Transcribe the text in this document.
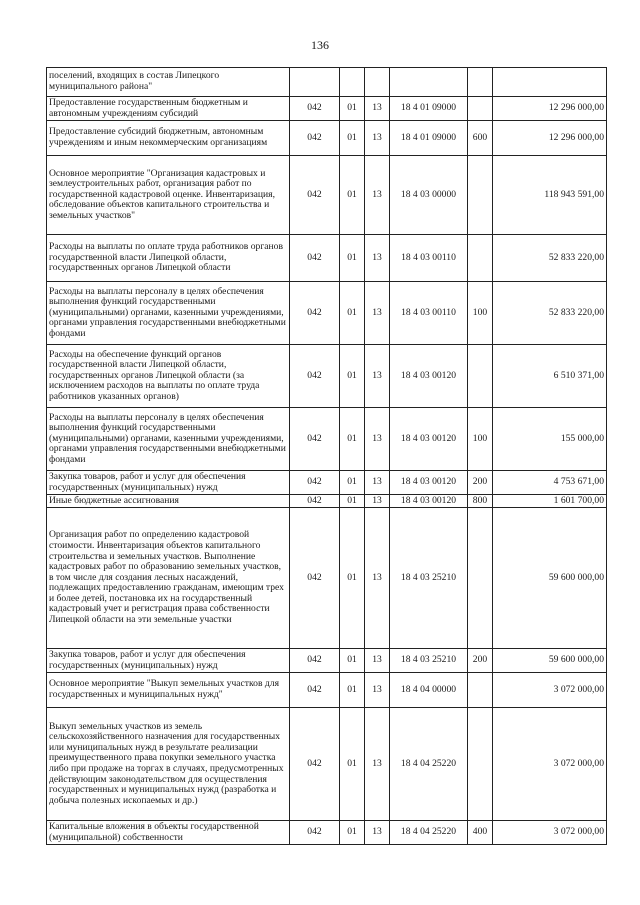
136
поселений, входящих в состав Липецкого муниципального района"						
Предоставление государственным бюджетным и автономным учреждениям субсидий	042	01	13	18 4 01 09000		12 296 000,00
Предоставление субсидий бюджетным, автономным учреждениям и иным некоммерческим организациям	042	01	13	18 4 01 09000	600	12 296 000,00
Основное мероприятие "Организация кадастровых и землеустроительных работ, организация работ по государственной кадастровой оценке. Инвентаризация, обследование объектов капитального строительства и земельных участков"	042	01	13	18 4 03 00000		118 943 591,00
Расходы на выплаты по оплате труда работников органов государственной власти Липецкой области, государственных органов Липецкой области	042	01	13	18 4 03 00110		52 833 220,00
Расходы на выплаты персоналу в целях обеспечения выполнения функций государственными (муниципальными) органами, казенными учреждениями, органами управления государственными внебюджетными фондами	042	01	13	18 4 03 00110	100	52 833 220,00
Расходы на обеспечение функций органов государственной власти Липецкой области, государственных органов Липецкой области (за исключением расходов на выплаты по оплате труда работников указанных органов)	042	01	13	18 4 03 00120		6 510 371,00
Расходы на выплаты персоналу в целях обеспечения выполнения функций государственными (муниципальными) органами, казенными учреждениями, органами управления государственными внебюджетными фондами	042	01	13	18 4 03 00120	100	155 000,00
Закупка товаров, работ и услуг для обеспечения государственных (муниципальных) нужд	042	01	13	18 4 03 00120	200	4 753 671,00
Иные бюджетные ассигнования	042	01	13	18 4 03 00120	800	1 601 700,00
Организация работ по определению кадастровой стоимости. Инвентаризация объектов капитального строительства и земельных участков. Выполнение кадастровых работ по образованию земельных участков, в том числе для создания лесных насаждений, подлежащих предоставлению гражданам, имеющим трех и более детей, постановка их на государственный кадастровый учет и регистрация права собственности Липецкой области на эти земельные участки	042	01	13	18 4 03 25210		59 600 000,00
Закупка товаров, работ и услуг для обеспечения государственных (муниципальных) нужд	042	01	13	18 4 03 25210	200	59 600 000,00
Основное мероприятие "Выкуп земельных участков для государственных и муниципальных нужд"	042	01	13	18 4 04 00000		3 072 000,00
Выкуп земельных участков из земель сельскохозяйственного назначения для государственных или муниципальных нужд в результате реализации преимущественного права покупки земельного участка либо при продаже на торгах в случаях, предусмотренных действующим законодательством для осуществления государственных и муниципальных нужд (разработка и добыча полезных ископаемых и др.)	042	01	13	18 4 04 25220		3 072 000,00
Капитальные вложения в объекты государственной (муниципальной) собственности	042	01	13	18 4 04 25220	400	3 072 000,00
